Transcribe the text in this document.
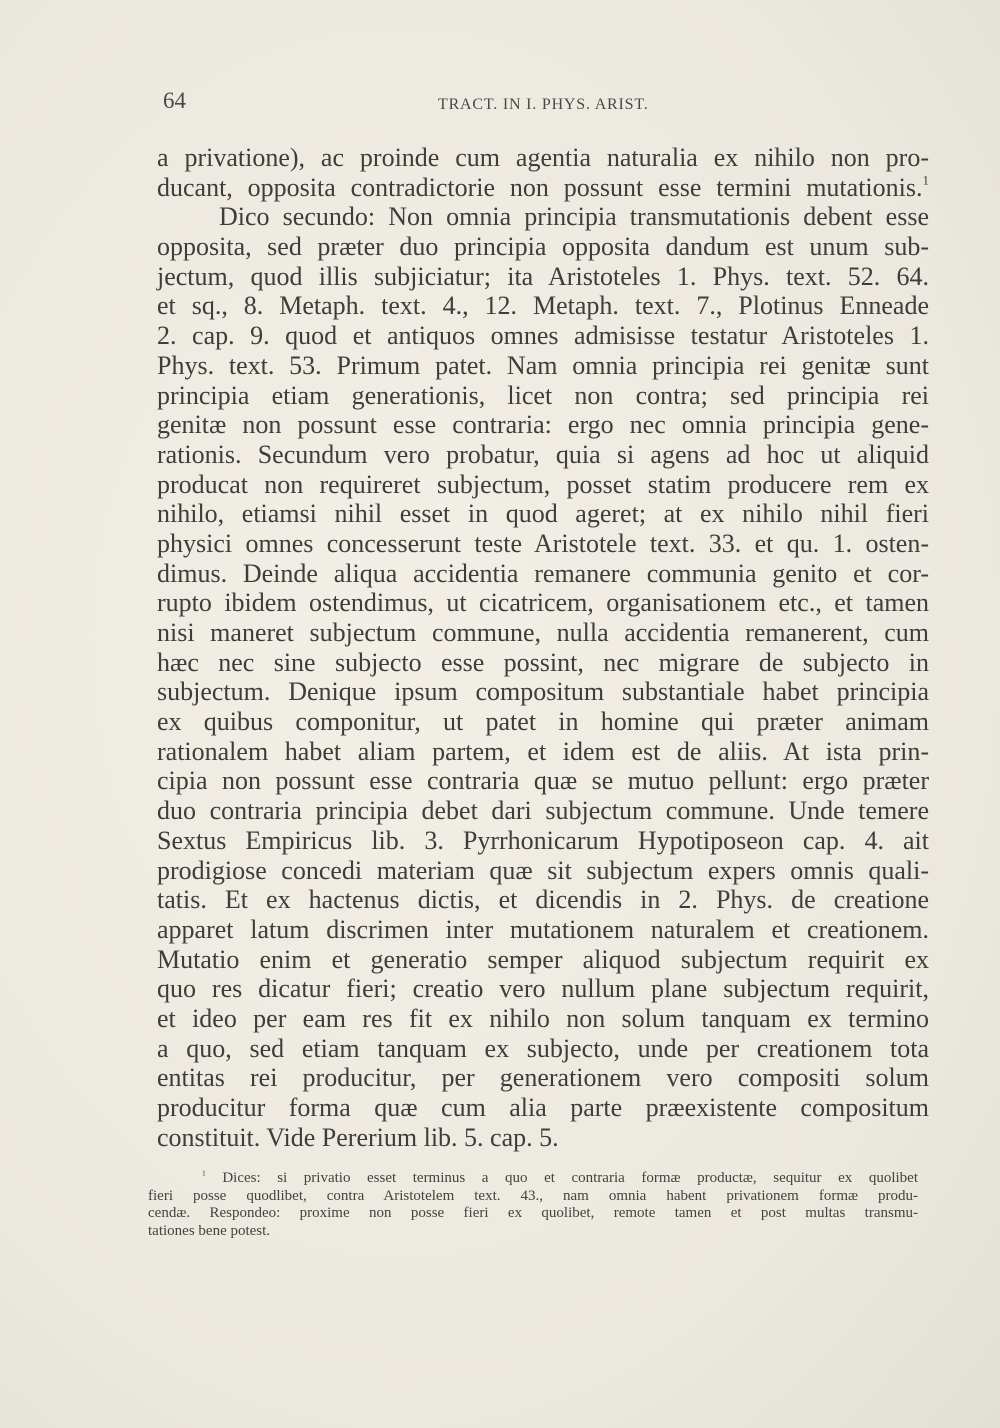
64	TRACT. IN I. PHYS. ARIST.
a privatione), ac proinde cum agentia naturalia ex nihilo non pro-
ducant, opposita contradictorie non possunt esse termini mutationis.$^1$
Dico secundo: Non omnia principia transmutationis debent esse
opposita, sed præter duo principia opposita dandum est unum sub-
jectum, quod illis subjiciatur; ita Aristoteles 1. Phys. text. 52. 64.
et sq., 8. Metaph. text. 4., 12. Metaph. text. 7., Plotinus Enneade
2. cap. 9. quod et antiquos omnes admisisse testatur Aristoteles 1.
Phys. text. 53. Primum patet. Nam omnia principia rei genitæ sunt
principia etiam generationis, licet non contra; sed principia rei
genitæ non possunt esse contraria: ergo nec omnia principia gene-
rationis. Secundum vero probatur, quia si agens ad hoc ut aliquid
producat non requireret subjectum, posset statim producere rem ex
nihilo, etiamsi nihil esset in quod ageret; at ex nihilo nihil fieri
physici omnes concesserunt teste Aristotele text. 33. et qu. 1. osten-
dimus. Deinde aliqua accidentia remanere communia genito et cor-
rupto ibidem ostendimus, ut cicatricem, organisationem etc., et tamen
nisi maneret subjectum commune, nulla accidentia remanerent, cum
hæc nec sine subjecto esse possint, nec migrare de subjecto in
subjectum. Denique ipsum compositum substantiale habet principia
ex quibus componitur, ut patet in homine qui præter animam
rationalem habet aliam partem, et idem est de aliis. At ista prin-
cipia non possunt esse contraria quæ se mutuo pellunt: ergo præter
duo contraria principia debet dari subjectum commune. Unde temere
Sextus Empiricus lib. 3. Pyrrhonicarum Hypotiposeon cap. 4. ait
prodigiose concedi materiam quæ sit subjectum expers omnis quali-
tatis. Et ex hactenus dictis, et dicendis in 2. Phys. de creatione
apparet latum discrimen inter mutationem naturalem et creationem.
Mutatio enim et generatio semper aliquod subjectum requirit ex
quo res dicatur fieri; creatio vero nullum plane subjectum requirit,
et ideo per eam res fit ex nihilo non solum tanquam ex termino
a quo, sed etiam tanquam ex subjecto, unde per creationem tota
entitas rei producitur, per generationem vero compositi solum
producitur forma quæ cum alia parte præexistente compositum
constituit. Vide Pererium lib. 5. cap. 5.
$^1$ Dices: si privatio esset terminus a quo et contraria formæ productæ, sequitur ex quolibet
fieri posse quodlibet, contra Aristotelem text. 43., nam omnia habent privationem formæ produ-
cendæ. Respondeo: proxime non posse fieri ex quolibet, remote tamen et post multas transmu-
tationes bene potest.
